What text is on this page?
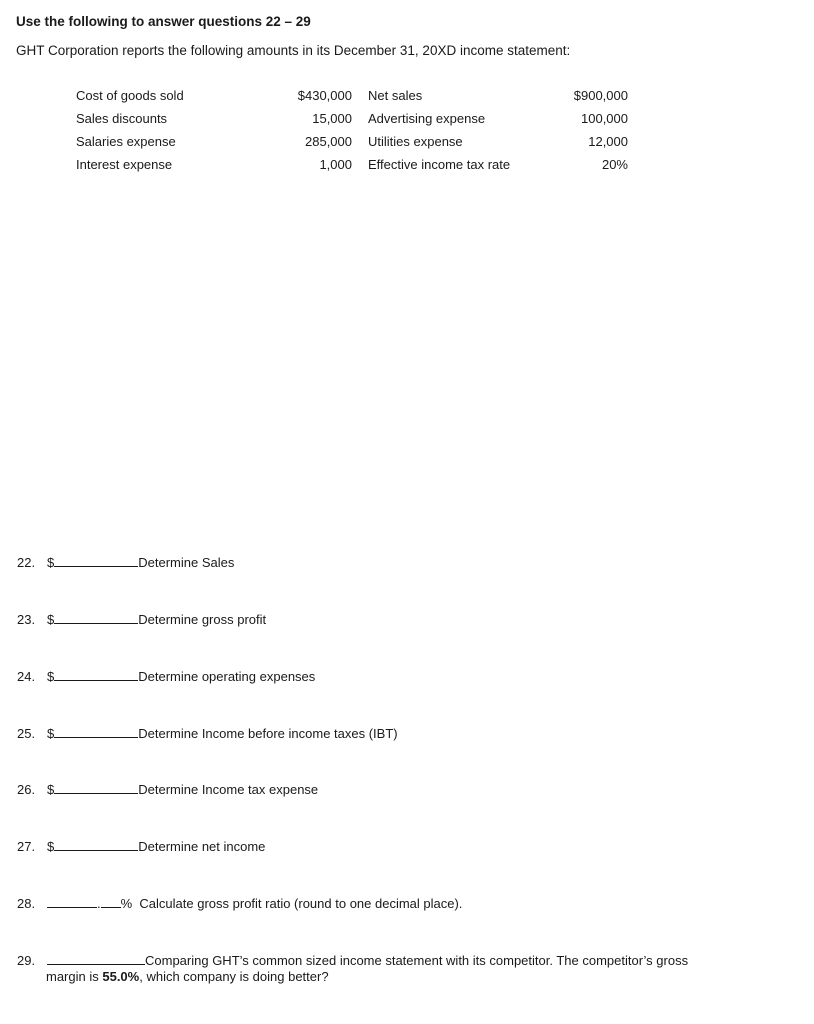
Use the following to answer questions 22 – 29
GHT Corporation reports the following amounts in its December 31, 20XD income statement:
Cost of goods sold	$430,000	Net sales	$900,000
Sales discounts	15,000	Advertising expense	100,000
Salaries expense	285,000	Utilities expense	12,000
Interest expense	1,000	Effective income tax rate	20%
22. $	Determine Sales
23. $	Determine gross profit
24. $	Determine operating expenses
25. $	Determine Income before income taxes (IBT)
26. $	Determine Income tax expense
27. $	Determine net income
28.	. % Calculate gross profit ratio (round to one decimal place).
29.	Comparing GHT’s common sized income statement with its competitor. The competitor’s gross
margin is 55.0%, which company is doing better?
